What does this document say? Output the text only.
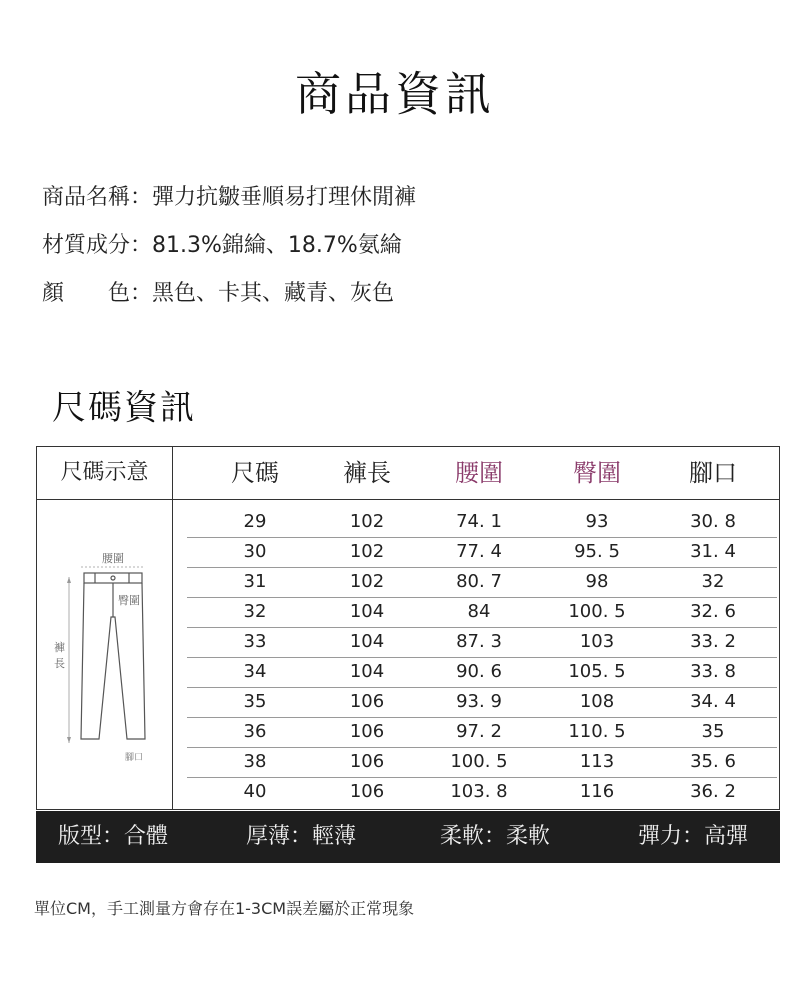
商品資訊
商品名稱：彈力抗皺垂順易打理休閒褲
材質成分：81.3%錦綸、18.7%氨綸
顏　　色：黑色、卡其、藏青、灰色
尺碼資訊
尺碼示意	尺碼	褲長	腰圍	臀圍	腳口
腰圍
褲
長
臀圍
腳口
29	102	74. 1	93	30. 8
30	102	77. 4	95. 5	31. 4
31	102	80. 7	98	32
32	104	84	100. 5	32. 6
33	104	87. 3	103	33. 2
34	104	90. 6	105. 5	33. 8
35	106	93. 9	108	34. 4
36	106	97. 2	110. 5	35
38	106	100. 5	113	35. 6
40	106	103. 8	116	36. 2
版型：合體	厚薄：輕薄	柔軟：柔軟	彈力：高彈
單位CM，手工測量方會存在1-3CM誤差屬於正常現象
